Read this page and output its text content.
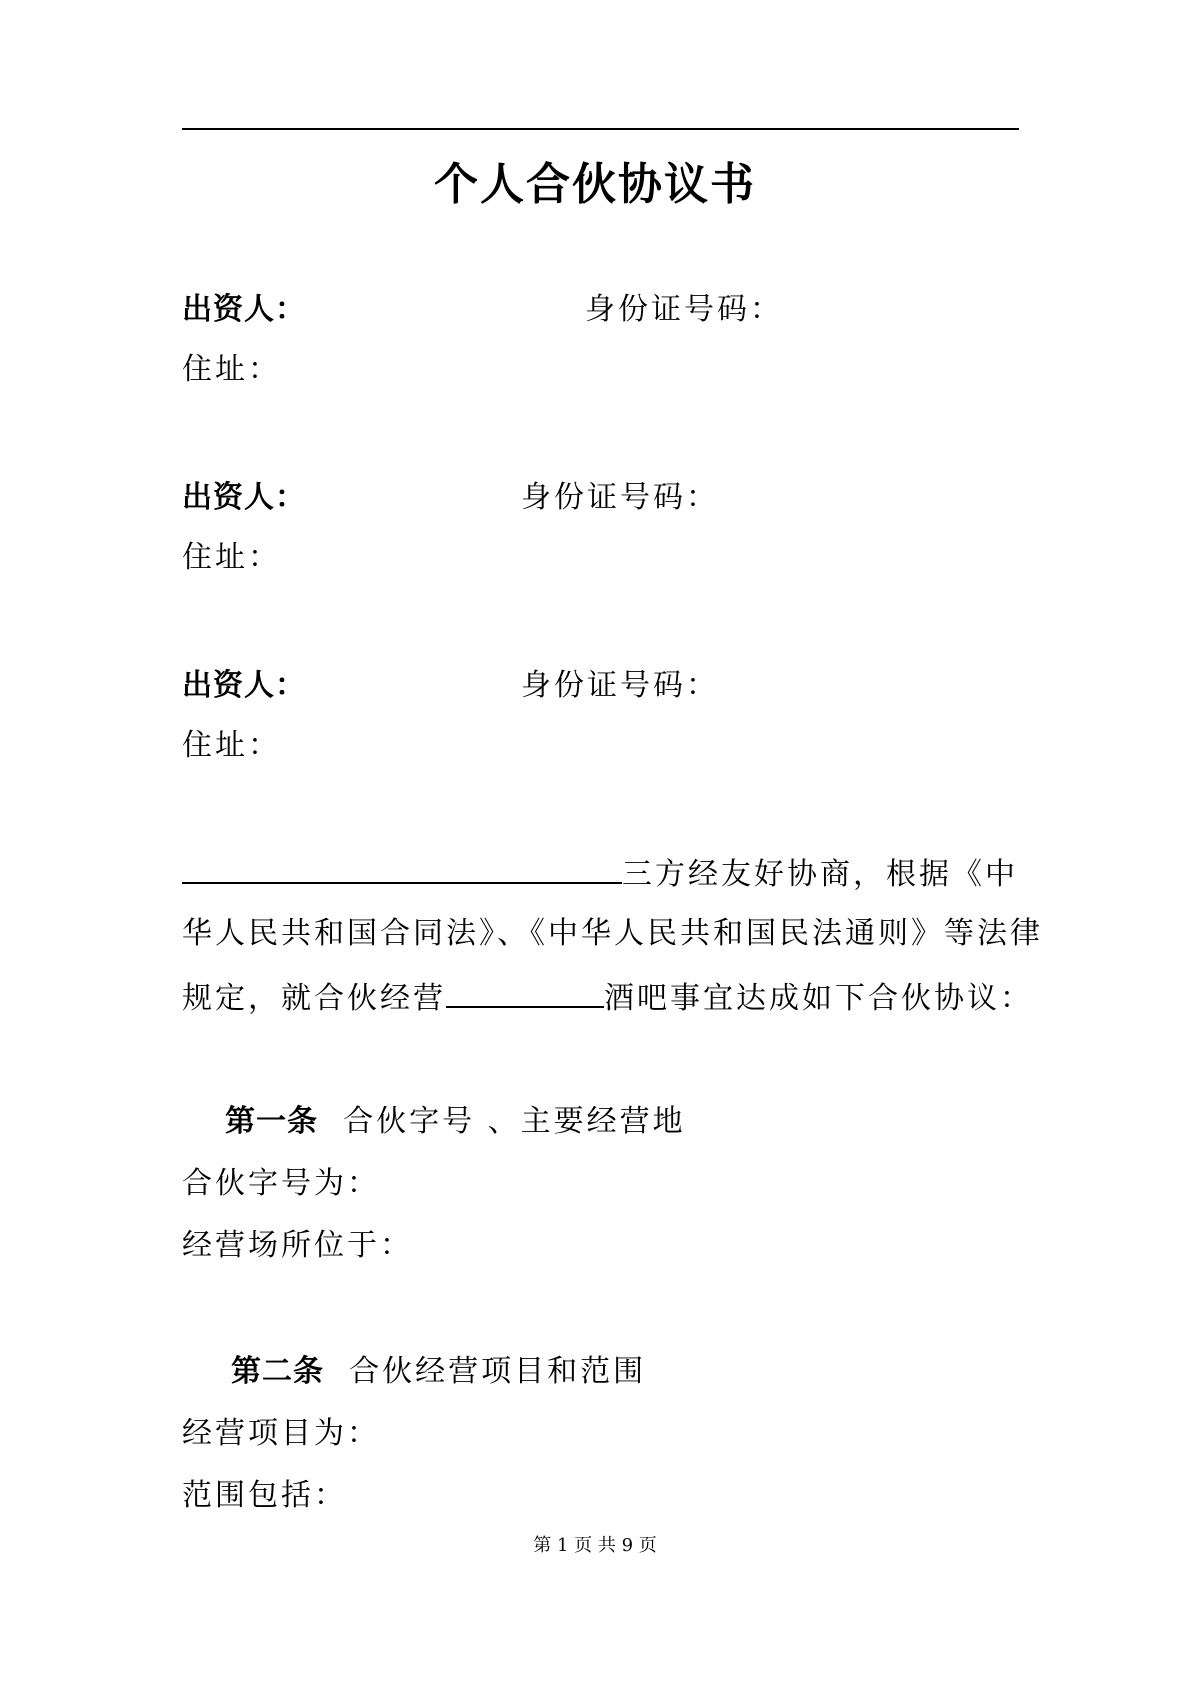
个人合伙协议书
出资人：	身份证号码：
住址：
出资人：	身份证号码：
住址：
出资人：	身份证号码：
住址：
三方经友好协商，根据《中
华人民共和国合同法》、《中华人民共和国民法通则》等法律
规定，就合伙经营	酒吧事宜达成如下合伙协议：
第一条 合伙字号 、主要经营地
合伙字号为：
经营场所位于：
第二条 合伙经营项目和范围
经营项目为：
范围包括：
第 1 页 共 9 页
